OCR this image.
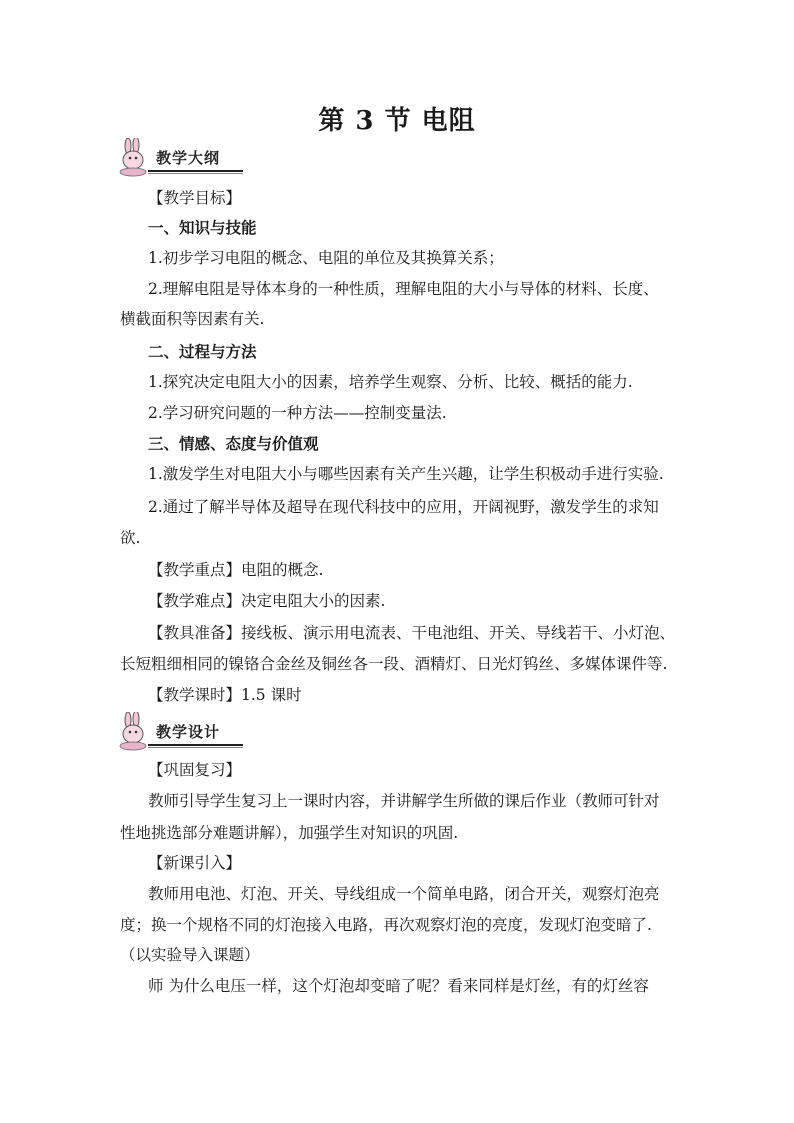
第 3 节 电阻
教学大纲
【教学目标】
一、知识与技能
1.初步学习电阻的概念、电阻的单位及其换算关系；
2.理解电阻是导体本身的一种性质，理解电阻的大小与导体的材料、长度、
横截面积等因素有关.
二、过程与方法
1.探究决定电阻大小的因素，培养学生观察、分析、比较、概括的能力.
2.学习研究问题的一种方法——控制变量法.
三、情感、态度与价值观
1.激发学生对电阻大小与哪些因素有关产生兴趣，让学生积极动手进行实验.
2.通过了解半导体及超导在现代科技中的应用，开阔视野，激发学生的求知
欲.
【教学重点】电阻的概念.
【教学难点】决定电阻大小的因素.
【教具准备】接线板、演示用电流表、干电池组、开关、导线若干、小灯泡、
长短粗细相同的镍铬合金丝及铜丝各一段、酒精灯、日光灯钨丝、多媒体课件等.
【教学课时】1.5 课时
教学设计
【巩固复习】
教师引导学生复习上一课时内容，并讲解学生所做的课后作业（教师可针对
性地挑选部分难题讲解），加强学生对知识的巩固.
【新课引入】
教师用电池、灯泡、开关、导线组成一个简单电路，闭合开关，观察灯泡亮
度；换一个规格不同的灯泡接入电路，再次观察灯泡的亮度，发现灯泡变暗了.
（以实验导入课题）
师 为什么电压一样，这个灯泡却变暗了呢？看来同样是灯丝，有的灯丝容
